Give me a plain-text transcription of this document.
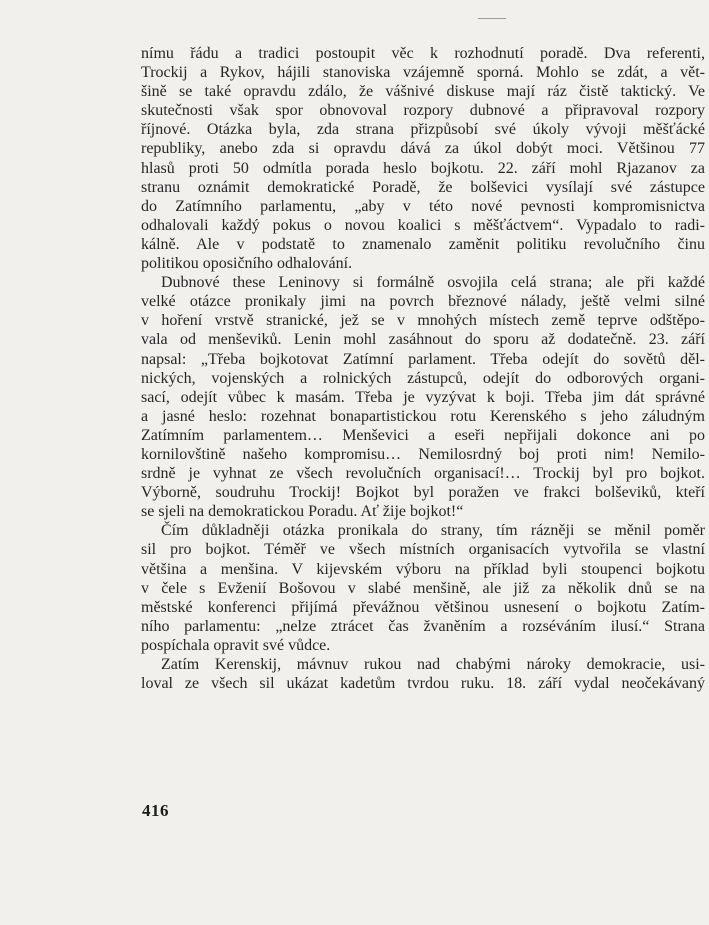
nímu řádu a tradici postoupit věc k rozhodnutí poradě. Dva referenti,
Trockij a Rykov, hájili stanoviska vzájemně sporná. Mohlo se zdát, a vět-
šině se také opravdu zdálo, že vášnivé diskuse mají ráz čistě taktický. Ve
skutečnosti však spor obnovoval rozpory dubnové a připravoval rozpory
říjnové. Otázka byla, zda strana přizpůsobí své úkoly vývoji měšťácké
republiky, anebo zda si opravdu dává za úkol dobýt moci. Většinou 77
hlasů proti 50 odmítla porada heslo bojkotu. 22. září mohl Rjazanov za
stranu oznámit demokratické Poradě, že bolševici vysílají své zástupce
do Zatímního parlamentu, „aby v této nové pevnosti kompromisnictva
odhalovali každý pokus o novou koalici s měšťáctvem“. Vypadalo to radi-
kálně. Ale v podstatě to znamenalo zaměnit politiku revolučního činu
politikou oposičního odhalování.
Dubnové these Leninovy si formálně osvojila celá strana; ale při každé
velké otázce pronikaly jimi na povrch březnové nálady, ještě velmi silné
v hoření vrstvě stranické, jež se v mnohých místech země teprve odštěpo-
vala od menševiků. Lenin mohl zasáhnout do sporu až dodatečně. 23. září
napsal: „Třeba bojkotovat Zatímní parlament. Třeba odejít do sovětů děl-
nických, vojenských a rolnických zástupců, odejít do odborových organi-
sací, odejít vůbec k masám. Třeba je vyzývat k boji. Třeba jim dát správné
a jasné heslo: rozehnat bonapartistickou rotu Kerenského s jeho záludným
Zatímním parlamentem… Menševici a eseři nepřijali dokonce ani po
kornilovštině našeho kompromisu… Nemilosrdný boj proti nim! Nemilo-
srdně je vyhnat ze všech revolučních organisací!… Trockij byl pro bojkot.
Výborně, soudruhu Trockij! Bojkot byl poražen ve frakci bolševiků, kteří
se sjeli na demokratickou Poradu. Ať žije bojkot!“
Čím důkladněji otázka pronikala do strany, tím rázněji se měnil poměr
sil pro bojkot. Téměř ve všech místních organisacích vytvořila se vlastní
většina a menšina. V kijevském výboru na příklad byli stoupenci bojkotu
v čele s Evženií Bošovou v slabé menšině, ale již za několik dnů se na
městské konferenci přijímá převážnou většinou usnesení o bojkotu Zatím-
ního parlamentu: „nelze ztrácet čas žvaněním a rozséváním ilusí.“ Strana
pospíchala opravit své vůdce.
Zatím Kerenskij, mávnuv rukou nad chabými nároky demokracie, usi-
loval ze všech sil ukázat kadetům tvrdou ruku. 18. září vydal neočekávaný
416
